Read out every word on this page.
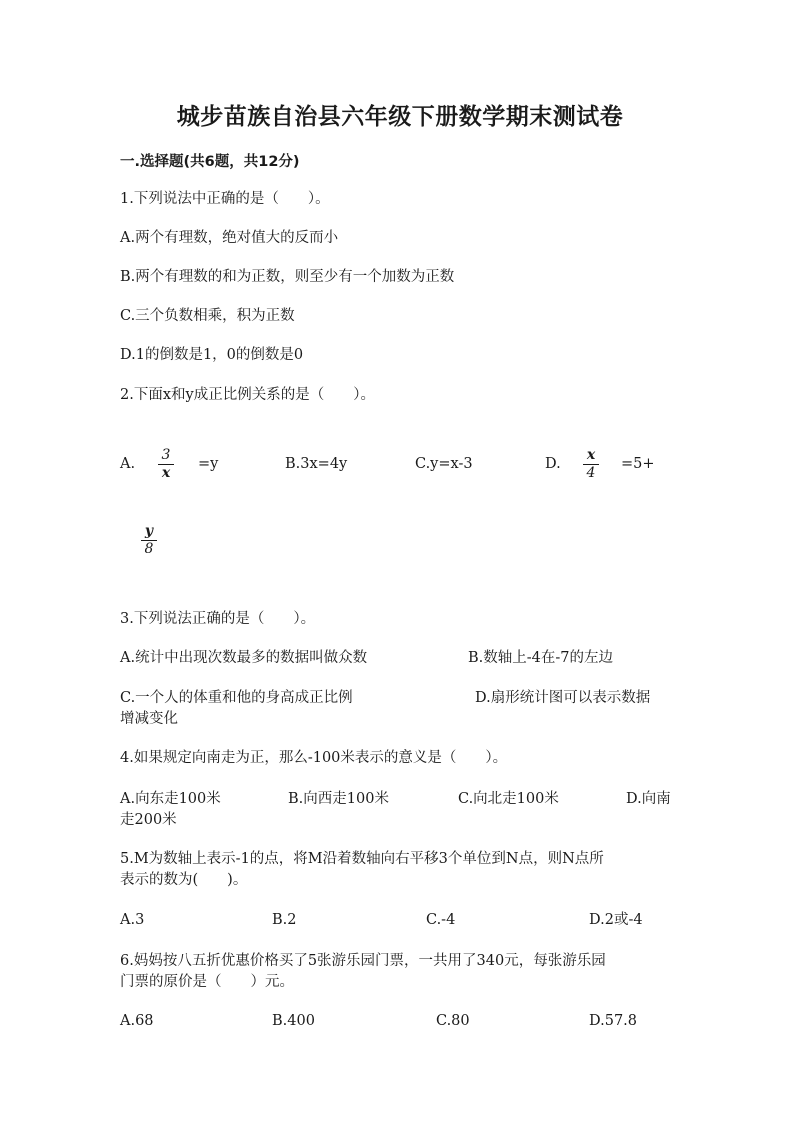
城步苗族自治县六年级下册数学期末测试卷
一.选择题(共6题，共12分)
1.下列说法中正确的是（　　）。
A.两个有理数，绝对值大的反而小
B.两个有理数的和为正数，则至少有一个加数为正数
C.三个负数相乘，积为正数
D.1的倒数是1，0的倒数是0
2.下面x和y成正比例关系的是（　　）。
A.
3
x
=y	B.3x=4y	C.y=x-3	D.
x
4
=5+
y
8
3.下列说法正确的是（　　）。
A.统计中出现次数最多的数据叫做众数	B.数轴上-4在-7的左边
C.一个人的体重和他的身高成正比例	D.扇形统计图可以表示数据
增减变化
4.如果规定向南走为正，那么-100米表示的意义是（　　）。
A.向东走100米	B.向西走100米	C.向北走100米	D.向南
走200米
5.M为数轴上表示-1的点，将M沿着数轴向右平移3个单位到N点，则N点所
表示的数为(　　)。
A.3	B.2	C.-4	D.2或-4
6.妈妈按八五折优惠价格买了5张游乐园门票，一共用了340元，每张游乐园
门票的原价是（　　）元。
A.68	B.400	C.80	D.57.8
